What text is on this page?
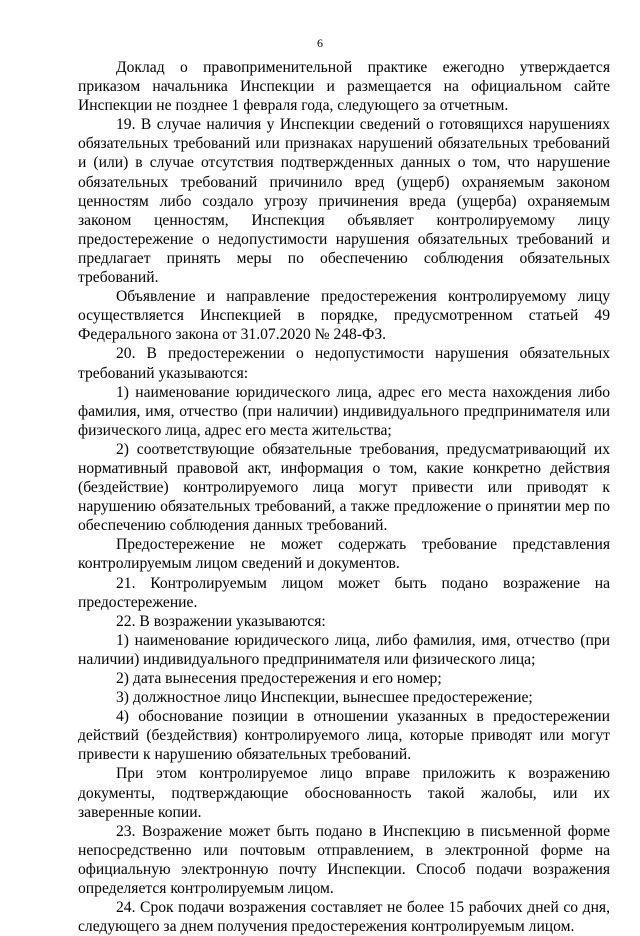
6

Доклад о правоприменительной практике ежегодно утверждается приказом начальника Инспекции и размещается на официальном сайте Инспекции не позднее 1 февраля года, следующего за отчетным.

19. В случае наличия у Инспекции сведений о готовящихся нарушениях обязательных требований или признаках нарушений обязательных требований и (или) в случае отсутствия подтвержденных данных о том, что нарушение обязательных требований причинило вред (ущерб) охраняемым законом ценностям либо создало угрозу причинения вреда (ущерба) охраняемым законом ценностям, Инспекция объявляет контролируемому лицу предостережение о недопустимости нарушения обязательных требований и предлагает принять меры по обеспечению соблюдения обязательных требований.

Объявление и направление предостережения контролируемому лицу осуществляется Инспекцией в порядке, предусмотренном статьей 49 Федерального закона от 31.07.2020 № 248-ФЗ.

20. В предостережении о недопустимости нарушения обязательных требований указываются:

1) наименование юридического лица, адрес его места нахождения либо фамилия, имя, отчество (при наличии) индивидуального предпринимателя или физического лица, адрес его места жительства;

2) соответствующие обязательные требования, предусматривающий их нормативный правовой акт, информация о том, какие конкретно действия (бездействие) контролируемого лица могут привести или приводят к нарушению обязательных требований, а также предложение о принятии мер по обеспечению соблюдения данных требований.

Предостережение не может содержать требование представления контролируемым лицом сведений и документов.

21. Контролируемым лицом может быть подано возражение на предостережение.

22. В возражении указываются:

1) наименование юридического лица, либо фамилия, имя, отчество (при наличии) индивидуального предпринимателя или физического лица;

2) дата вынесения предостережения и его номер;

3) должностное лицо Инспекции, вынесшее предостережение;

4) обоснование позиции в отношении указанных в предостережении действий (бездействия) контролируемого лица, которые приводят или могут привести к нарушению обязательных требований.

При этом контролируемое лицо вправе приложить к возражению документы, подтверждающие обоснованность такой жалобы, или их заверенные копии.

23. Возражение может быть подано в Инспекцию в письменной форме непосредственно или почтовым отправлением, в электронной форме на официальную электронную почту Инспекции. Способ подачи возражения определяется контролируемым лицом.

24. Срок подачи возражения составляет не более 15 рабочих дней со дня, следующего за днем получения предостережения контролируемым лицом.
